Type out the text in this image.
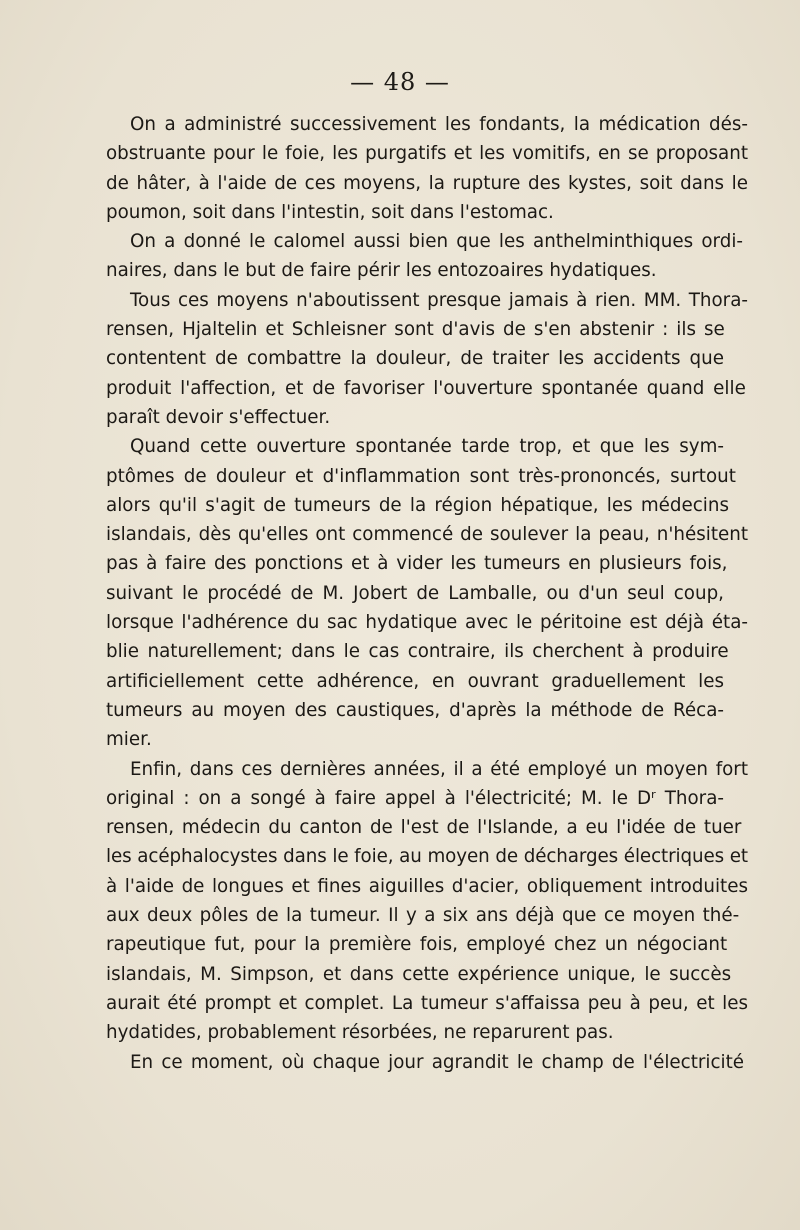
— 48 —
On a administré successivement les fondants, la médication dés-
obstruante pour le foie, les purgatifs et les vomitifs, en se proposant
de hâter, à l'aide de ces moyens, la rupture des kystes, soit dans le
poumon, soit dans l'intestin, soit dans l'estomac.
On a donné le calomel aussi bien que les anthelminthiques ordi-
naires, dans le but de faire périr les entozoaires hydatiques.
Tous ces moyens n'aboutissent presque jamais à rien. MM. Thora-
rensen, Hjaltelin et Schleisner sont d'avis de s'en abstenir : ils se
contentent de combattre la douleur, de traiter les accidents que
produit l'affection, et de favoriser l'ouverture spontanée quand elle
paraît devoir s'effectuer.
Quand cette ouverture spontanée tarde trop, et que les sym-
ptômes de douleur et d'inflammation sont très-prononcés, surtout
alors qu'il s'agit de tumeurs de la région hépatique, les médecins
islandais, dès qu'elles ont commencé de soulever la peau, n'hésitent
pas à faire des ponctions et à vider les tumeurs en plusieurs fois,
suivant le procédé de M. Jobert de Lamballe, ou d'un seul coup,
lorsque l'adhérence du sac hydatique avec le péritoine est déjà éta-
blie naturellement; dans le cas contraire, ils cherchent à produire
artificiellement cette adhérence, en ouvrant graduellement les
tumeurs au moyen des caustiques, d'après la méthode de Réca-
mier.
Enfin, dans ces dernières années, il a été employé un moyen fort
original : on a songé à faire appel à l'électricité; M. le Dʳ Thora-
rensen, médecin du canton de l'est de l'Islande, a eu l'idée de tuer
les acéphalocystes dans le foie, au moyen de décharges électriques et
à l'aide de longues et fines aiguilles d'acier, obliquement introduites
aux deux pôles de la tumeur. Il y a six ans déjà que ce moyen thé-
rapeutique fut, pour la première fois, employé chez un négociant
islandais, M. Simpson, et dans cette expérience unique, le succès
aurait été prompt et complet. La tumeur s'affaissa peu à peu, et les
hydatides, probablement résorbées, ne reparurent pas.
En ce moment, où chaque jour agrandit le champ de l'électricité
